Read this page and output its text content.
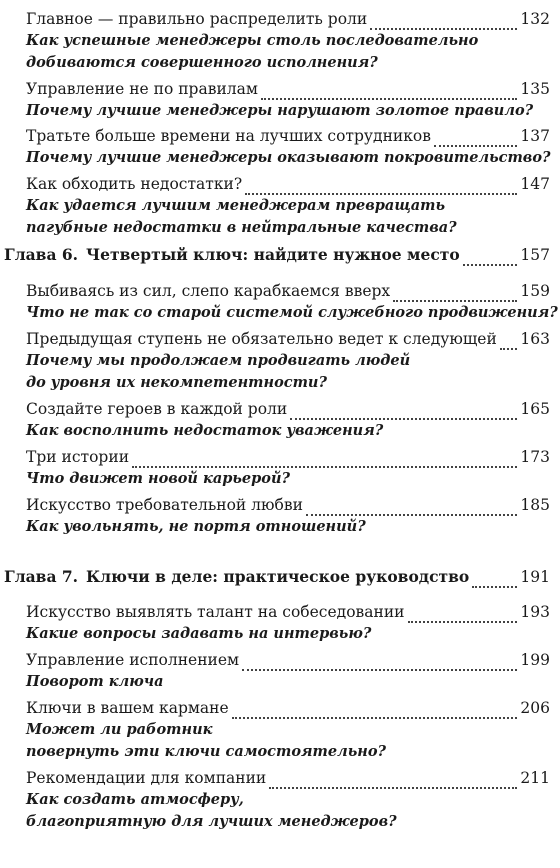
Главное — правильно распределить роли	132
Как успешные менеджеры столь последовательно
добиваются совершенного исполнения?
Управление не по правилам	135
Почему лучшие менеджеры нарушают золотое правило?
Тратьте больше времени на лучших сотрудников	137
Почему лучшие менеджеры оказывают покровительство?
Как обходить недостатки?	147
Как удается лучшим менеджерам превращать
пагубные недостатки в нейтральные качества?
Глава 6. Четвертый ключ: найдите нужное место	157
Выбиваясь из сил, слепо карабкаемся вверх	159
Что не так со старой системой служебного продвижения?
Предыдущая ступень не обязательно ведет к следующей 163
Почему мы продолжаем продвигать людей
до уровня их некомпетентности?
Создайте героев в каждой роли	165
Как восполнить недостаток уважения?
Три истории	173
Что движет новой карьерой?
Искусство требовательной любви	185
Как увольнять, не портя отношений?
Глава 7. Ключи в деле: практическое руководство	191
Искусство выявлять талант на собеседовании	193
Какие вопросы задавать на интервью?
Управление исполнением	199
Поворот ключа
Ключи в вашем кармане	206
Может ли работник
повернуть эти ключи самостоятельно?
Рекомендации для компании	211
Как создать атмосферу,
благоприятную для лучших менеджеров?
